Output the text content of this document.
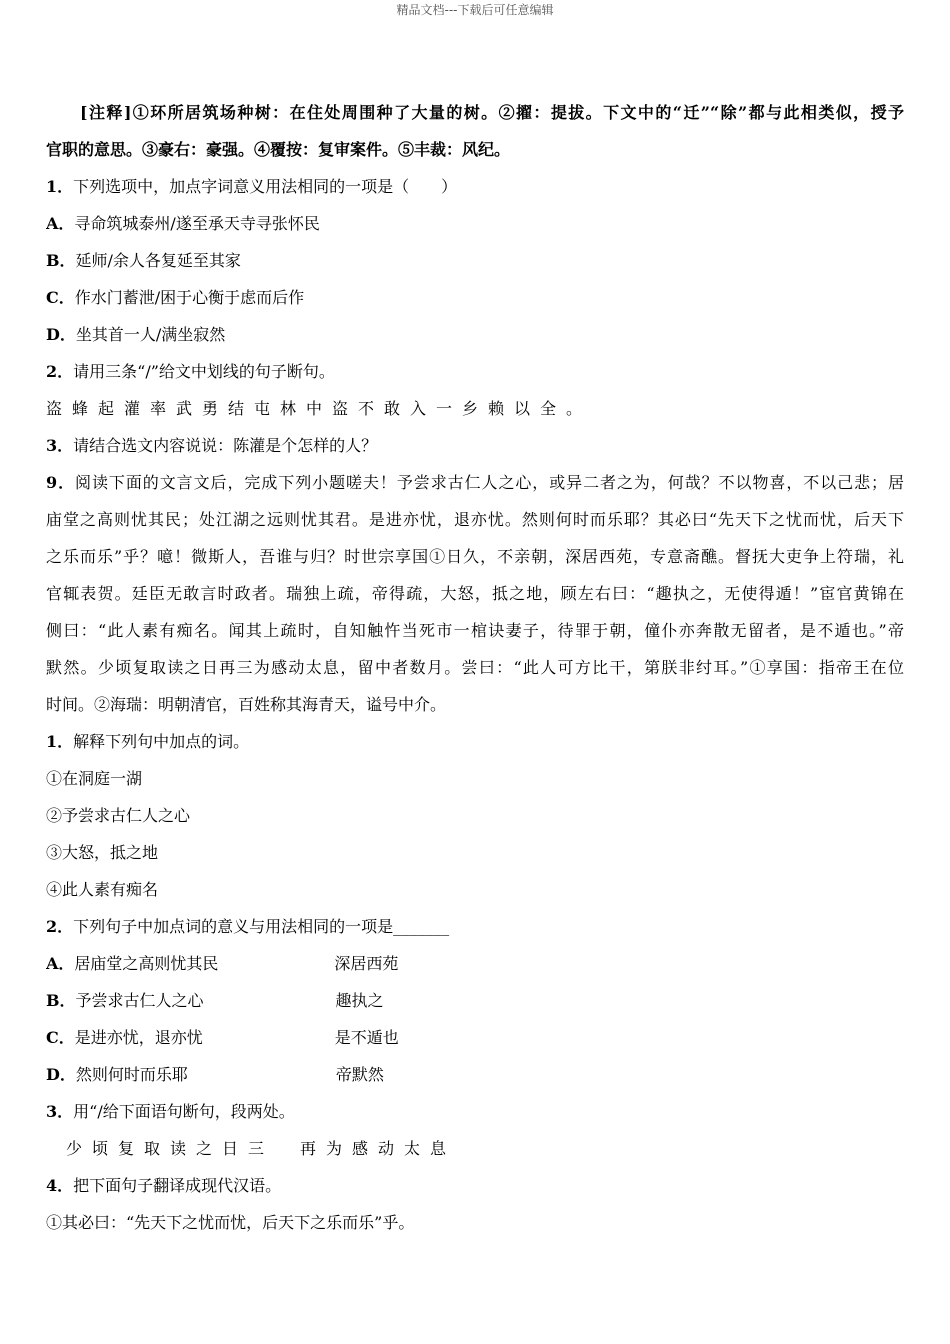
精品文档---下载后可任意编辑
[注释]①环所居筑场种树：在住处周围种了大量的树。②擢：提拔。下文中的“迁”“除”都与此相类似，授予
官职的意思。③豪右：豪强。④覆按：复审案件。⑤丰裁：风纪。
1．下列选项中，加点字词意义用法相同的一项是（　　）
A．寻命筑城泰州/遂至承天寺寻张怀民
B．延师/余人各复延至其家
C．作水门蓄泄/困于心衡于虑而后作
D．坐其首一人/满坐寂然
2．请用三条“/”给文中划线的句子断句。
盗蜂起灌率武勇结屯林中盗不敢入一乡赖以全。
3．请结合选文内容说说：陈灌是个怎样的人？
9．阅读下面的文言文后，完成下列小题嗟夫！予尝求古仁人之心，或异二者之为，何哉？不以物喜，不以己悲；居
庙堂之高则忧其民；处江湖之远则忧其君。是进亦忧，退亦忧。然则何时而乐耶？其必曰“先天下之忧而忧，后天下
之乐而乐”乎？噫！微斯人，吾谁与归？时世宗享国①日久，不亲朝，深居西苑，专意斋醮。督抚大吏争上符瑞，礼
官辄表贺。廷臣无敢言时政者。瑞独上疏，帝得疏，大怒，抵之地，顾左右曰：“趣执之，无使得遁！”宦官黄锦在
侧曰：“此人素有痴名。闻其上疏时，自知触忤当死市一棺诀妻子，待罪于朝，僮仆亦奔散无留者，是不遁也。”帝
默然。少顷复取读之日再三为感动太息，留中者数月。尝曰：“此人可方比干，第朕非纣耳。”①享国：指帝王在位
时间。②海瑞：明朝清官，百姓称其海青天，谥号中介。
1．解释下列句中加点的词。
①在洞庭一湖
②予尝求古仁人之心
③大怒，抵之地
④此人素有痴名
2．下列句子中加点词的意义与用法相同的一项是_______
A．居庙堂之高则忧其民	深居西苑
B．予尝求古仁人之心	趣执之
C．是进亦忧，退亦忧	是不遁也
D．然则何时而乐耶	帝默然
3．用“/给下面语句断句，段两处。
少顷复取读之日三　再为感动太息
4．把下面句子翻译成现代汉语。
①其必曰：“先天下之忧而忧，后天下之乐而乐”乎。
